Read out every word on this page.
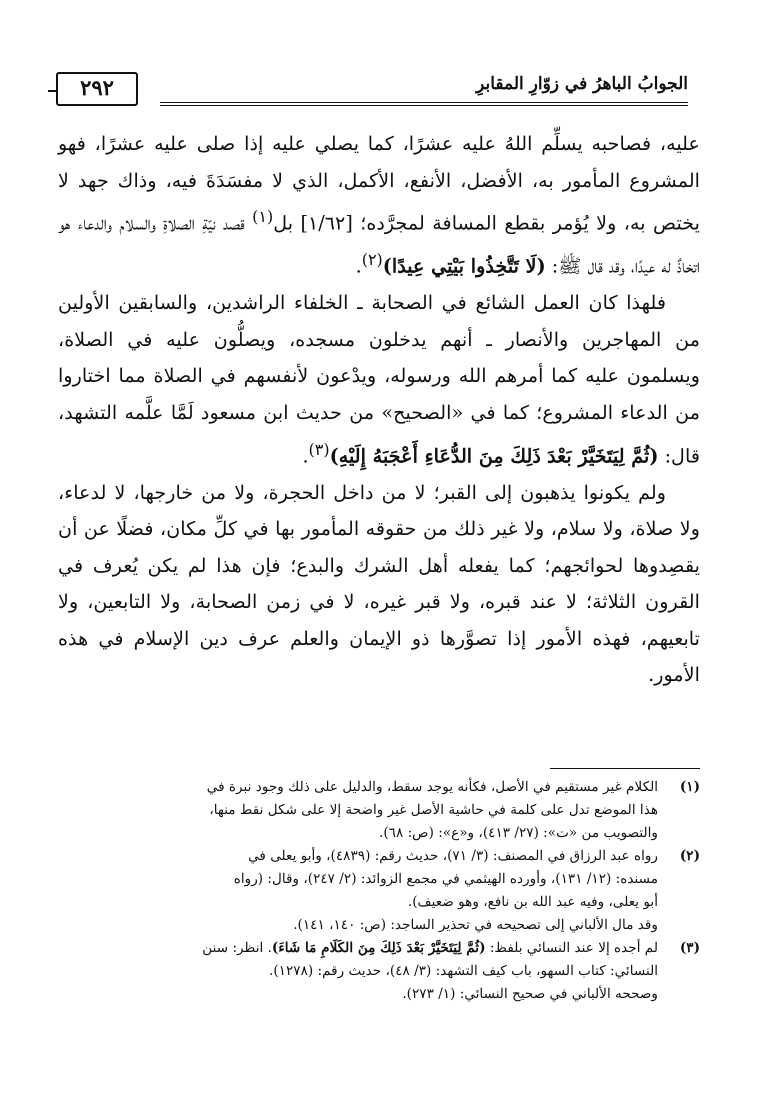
الجوابُ الباهرُ في زوّارِ المقابرِ
٢٩٢

عليه، فصاحبه يسلِّم اللهُ عليه عشرًا، كما يصلي عليه إذا صلى عليه عشرًا، فهو المشروع المأمور به، الأفضل، الأنفع، الأكمل، الذي لا مفسَدَةَ فيه، وذاك جهد لا يختص به، ولا يُؤمر بقطع المسافة لمجرَّده؛ [١/٦٢] بل$^{(١)}$ قصد نيّةِ الصلاةِ والسلام والدعاء هو اتخاذٌ له عيدًا، وقد قال ﷺ: (لَا تَتَّخِذُوا بَيْتِي عِيدًا)$^{(٢)}$.

فلهذا كان العمل الشائع في الصحابة ـ الخلفاء الراشدين، والسابقين الأولين من المهاجرين والأنصار ـ أنهم يدخلون مسجده، ويصلُّون عليه في الصلاة، ويسلمون عليه كما أمرهم الله ورسوله، ويدْعون لأنفسهم في الصلاة مما اختاروا من الدعاء المشروع؛ كما في «الصحيح» من حديث ابن مسعود لَمَّا علَّمه التشهد، قال: (ثُمَّ لِيَتَخَيَّرْ بَعْدَ ذَلِكَ مِنَ الدُّعَاءِ أَعْجَبَهُ إِلَيْهِ)$^{(٣)}$.

ولم يكونوا يذهبون إلى القبر؛ لا من داخل الحجرة، ولا من خارجها، لا لدعاء، ولا صلاة، ولا سلام، ولا غير ذلك من حقوقه المأمور بها في كلِّ مكان، فضلًا عن أن يقصِدوها لحوائجهم؛ كما يفعله أهل الشرك والبدع؛ فإن هذا لم يكن يُعرف في القرون الثلاثة؛ لا عند قبره، ولا قبر غيره، لا في زمن الصحابة، ولا التابعين، ولا تابعيهم، فهذه الأمور إذا تصوَّرها ذو الإيمان والعلم عرف دين الإسلام في هذه الأمور.

(١)
الكلام غير مستقيم في الأصل، فكأنه يوجد سقط، والدليل على ذلك وجود نبرة في
هذا الموضع تدل على كلمة في حاشية الأصل غير واضحة إلا على شكل نقط منها،
والتصويب من «ت»: (٢٧/ ٤١٣)، و«ع»: (ص: ٦٨).

(٢)
رواه عبد الرزاق في المصنف: (٣/ ٧١)، حديث رقم: (٤٨٣٩)، وأبو يعلى في
مسنده: (١٢/ ١٣١)، وأورده الهيثمي في مجمع الزوائد: (٢/ ٢٤٧)، وقال: (رواه
أبو يعلى، وفيه عبد الله بن نافع، وهو ضعيف).
وقد مال الألباني إلى تصحيحه في تحذير الساجد: (ص: ١٤٠، ١٤١).

(٣)
لم أجده إلا عند النسائي بلفظ: (ثُمَّ لِيَتَخَيَّرْ بَعْدَ ذَلِكَ مِنَ الكَلَامِ مَا شَاءَ). انظر: سنن
النسائي: كتاب السهو، باب كيف التشهد: (٣/ ٤٨)، حديث رقم: (١٢٧٨).
وصححه الألباني في صحيح النسائي: (١/ ٢٧٣).
